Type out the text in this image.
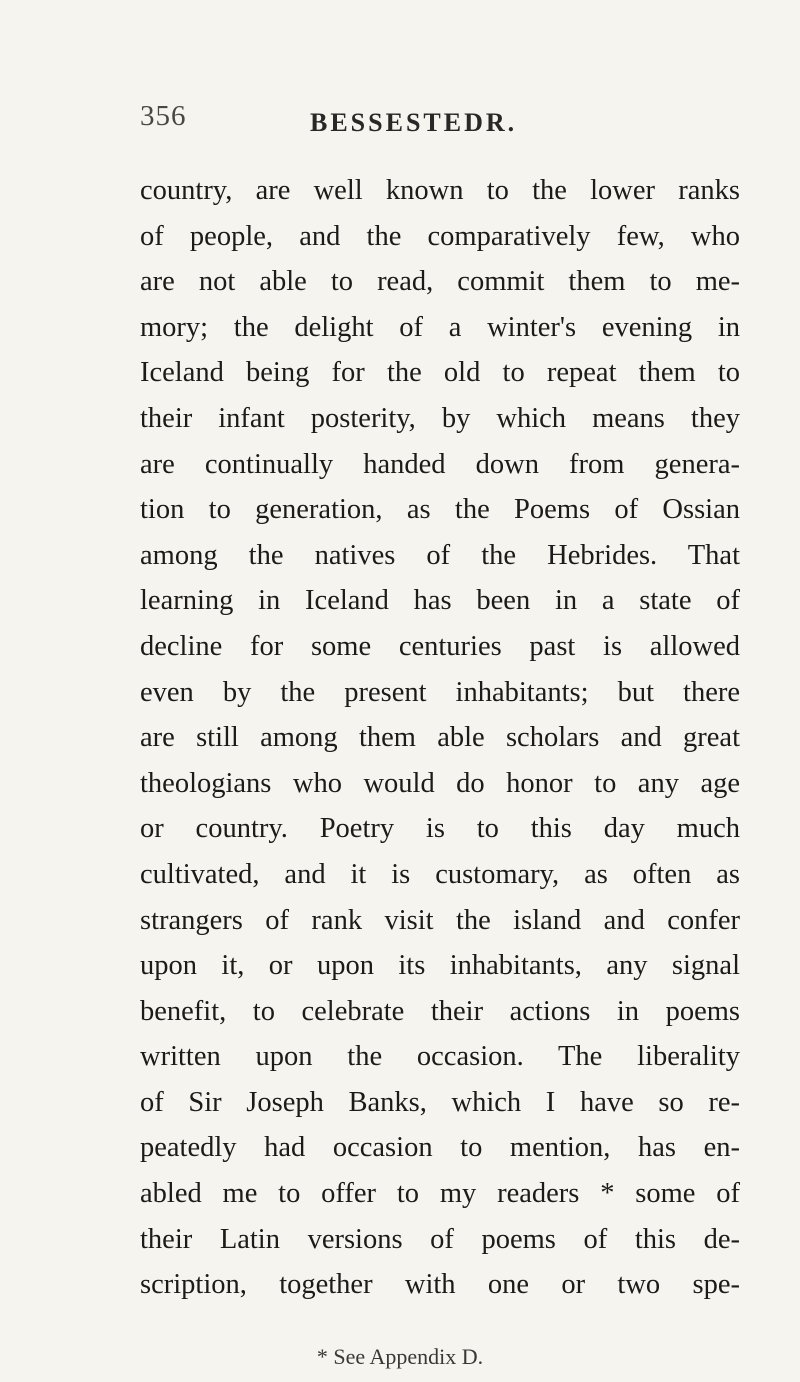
356	BESSESTEDR.
country, are well known to the lower ranks
of people, and the comparatively few, who
are not able to read, commit them to me-
mory; the delight of a winter's evening in
Iceland being for the old to repeat them to
their infant posterity, by which means they
are continually handed down from genera-
tion to generation, as the Poems of Ossian
among the natives of the Hebrides. That
learning in Iceland has been in a state of
decline for some centuries past is allowed
even by the present inhabitants; but there
are still among them able scholars and great
theologians who would do honor to any age
or country. Poetry is to this day much
cultivated, and it is customary, as often as
strangers of rank visit the island and confer
upon it, or upon its inhabitants, any signal
benefit, to celebrate their actions in poems
written upon the occasion. The liberality
of Sir Joseph Banks, which I have so re-
peatedly had occasion to mention, has en-
abled me to offer to my readers * some of
their Latin versions of poems of this de-
scription, together with one or two spe-
* See Appendix D.
